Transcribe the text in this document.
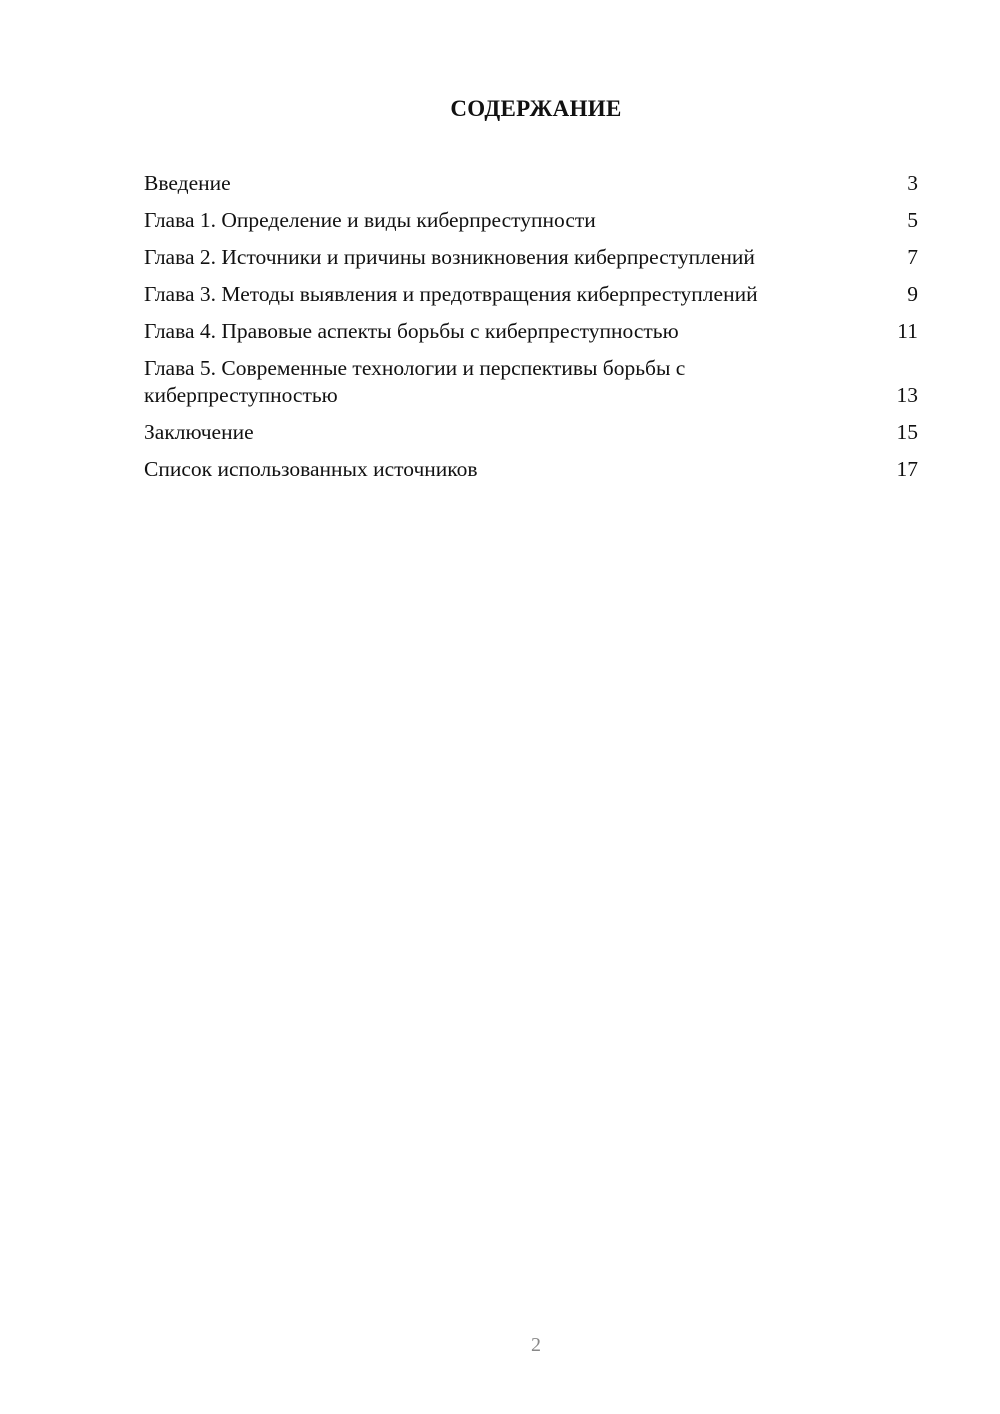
СОДЕРЖАНИЕ
Введение	3
Глава 1. Определение и виды киберпреступности	5
Глава 2. Источники и причины возникновения киберпреступлений	7
Глава 3. Методы выявления и предотвращения киберпреступлений	9
Глава 4. Правовые аспекты борьбы с киберпреступностью	11
Глава 5. Современные технологии и перспективы борьбы с киберпреступностью	13
Заключение	15
Список использованных источников	17
2
